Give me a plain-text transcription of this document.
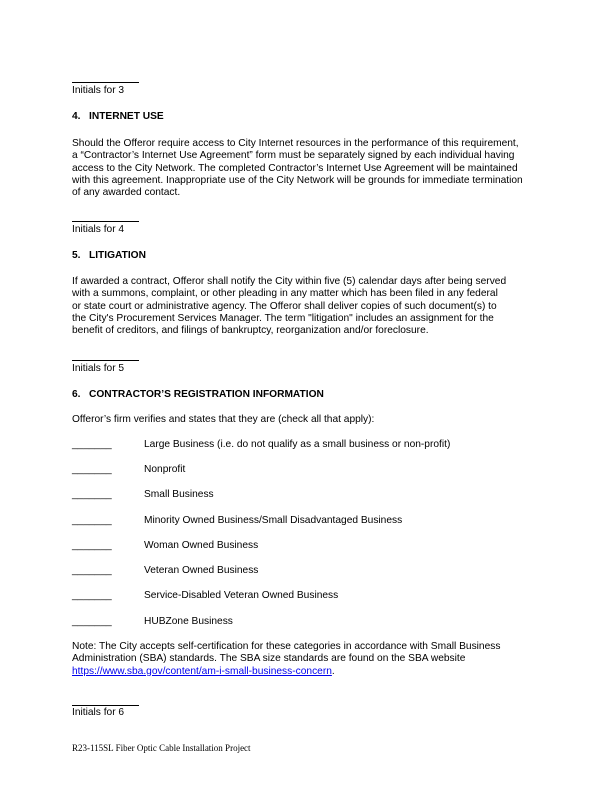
Initials for 3
4. INTERNET USE
Should the Offeror require access to City Internet resources in the performance of this requirement,
a “Contractor’s Internet Use Agreement” form must be separately signed by each individual having
access to the City Network. The completed Contractor’s Internet Use Agreement will be maintained
with this agreement. Inappropriate use of the City Network will be grounds for immediate termination
of any awarded contact.
Initials for 4
5. LITIGATION
If awarded a contract, Offeror shall notify the City within five (5) calendar days after being served
with a summons, complaint, or other pleading in any matter which has been filed in any federal
or state court or administrative agency. The Offeror shall deliver copies of such document(s) to
the City's Procurement Services Manager. The term "litigation" includes an assignment for the
benefit of creditors, and filings of bankruptcy, reorganization and/or foreclosure.
Initials for 5
6. CONTRACTOR’S REGISTRATION INFORMATION
Offeror’s firm verifies and states that they are (check all that apply):
_______	Large Business (i.e. do not qualify as a small business or non-profit)
_______	Nonprofit
_______	Small Business
_______	Minority Owned Business/Small Disadvantaged Business
_______	Woman Owned Business
_______	Veteran Owned Business
_______	Service-Disabled Veteran Owned Business
_______	HUBZone Business
Note: The City accepts self-certification for these categories in accordance with Small Business
Administration (SBA) standards. The SBA size standards are found on the SBA website
https://www.sba.gov/content/am-i-small-business-concern.
Initials for 6
R23-115SL Fiber Optic Cable Installation Project
